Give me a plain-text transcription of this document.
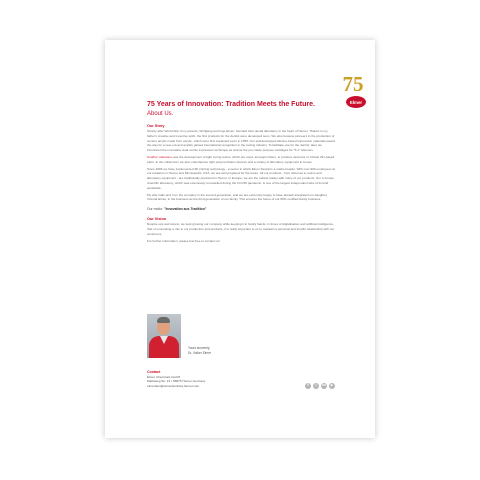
75
Elmer
75 Years of Innovation: Tradition Meets the Future.
About Us.
Our Story

Shortly after World War II my parents, Wolfgang and Inge Elmer, founded their dental laboratory in the heart of Hemer. Thanks to my father's creative and inventive spirit, the first products for the dentist were developed soon. We also became pioneers in the production of custom acrylic made from acrylic, which were first expanded even in 1955. Our self-developed silicone-based impression materials paved the way for a new era and quickly gained international recognition in the tooling industry. To facilitate use for the dentist, later we introduced the innovative dual nozzle impression technique as well as the pre-made purpose cartridges for "5:1" silicones.

Another milestone was the development of light curing resins, which are used, amongst others, to produce dentures or clinical thin-based parts. In the millennium we also manufacture light polymerization devices and a variety of laboratory equipment in-house.

Since 2006 we have implemented 3D printing technology - a sector in which Elmer Dental is a market leader. With over 900 employees at our locations in Hemer and Minneapolis, USA, we are well prepared for the future. All our products - from silicones to resins and laboratory equipment - are traditionally produced in Hemer. In Europe, we are the market leader with many of our products. Our in-house scientific laboratory, which was extensively remodelled during the COVID pandemic, is one of the largest independent labs of its kind worldwide.

My wife Gabi and I run the company in the second generation, and we are extremely happy to have already integrated our daughter, Victoria Elmer, in the business as the third generation of our family. This ensures the future of our 80% certified family business.

Our motto: "Innovation aus Tradition"
Our Vision

Despite ups and downs, we kept growing our company while keeping it in family hands. In times of digitalisation and artificial intelligence, that of counseling a role in our production and products, it is really important to us to maintain a personal and trustful relationship with our customers.

For further information, please feel free to contact us!

Yours sincerely,
Dr. Volker Elmer
Contact
Elmer Chemicals GmbH
Marktweg Str. 21 • 58675 Hemer Germany
elmerdent@elmerdentistry.hemer.com	f ◎ in ▶
